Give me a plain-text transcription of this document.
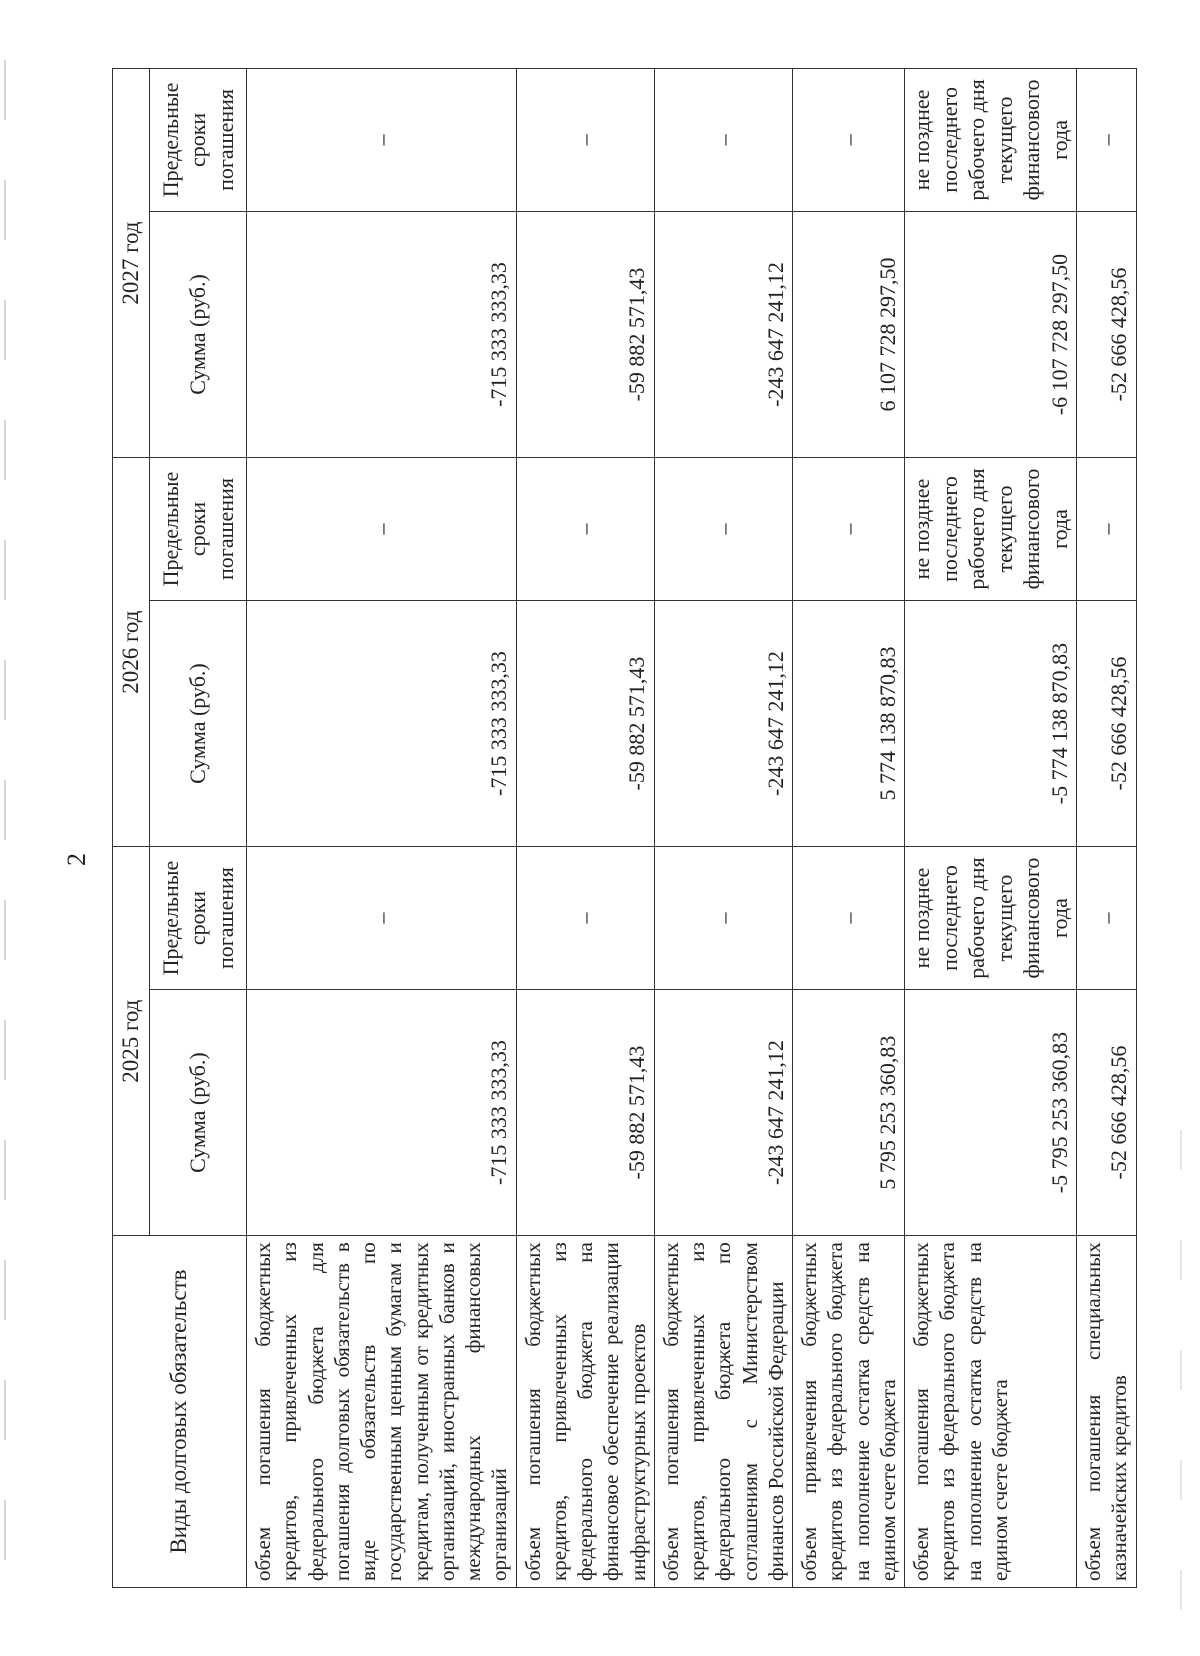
2
Виды долговых обязательств	2025 год		2026 год		2027 год	
	Сумма (руб.)	Предельные сроки погашения	Сумма (руб.)	Предельные сроки погашения	Сумма (руб.)	Предельные сроки погашения
объем погашения бюджетных кредитов, привлеченных из федерального бюджета для погашения долговых обязательств в виде обязательств по государственным ценным бумагам и кредитам, полученным от кредитных организаций, иностранных банков и международных финансовых организаций	-715 333 333,33	–	-715 333 333,33	–	-715 333 333,33	–
объем погашения бюджетных кредитов, привлеченных из федерального бюджета на финансовое обеспечение реализации инфраструктурных проектов	-59 882 571,43	–	-59 882 571,43	–	-59 882 571,43	–
объем погашения бюджетных кредитов, привлеченных из федерального бюджета по соглашениям с Министерством финансов Российской Федерации	-243 647 241,12	–	-243 647 241,12	–	-243 647 241,12	–
объем привлечения бюджетных кредитов из федерального бюджета на пополнение остатка средств на едином счете бюджета	5 795 253 360,83	–	5 774 138 870,83	–	6 107 728 297,50	–
объем погашения бюджетных кредитов из федерального бюджета на пополнение остатка средств на едином счете бюджета	-5 795 253 360,83	не позднее последнего рабочего дня текущего финансового года	-5 774 138 870,83	не позднее последнего рабочего дня текущего финансового года	-6 107 728 297,50	не позднее последнего рабочего дня текущего финансового года
объем погашения специальных казначейских кредитов	-52 666 428,56	–	-52 666 428,56	–	-52 666 428,56	–
